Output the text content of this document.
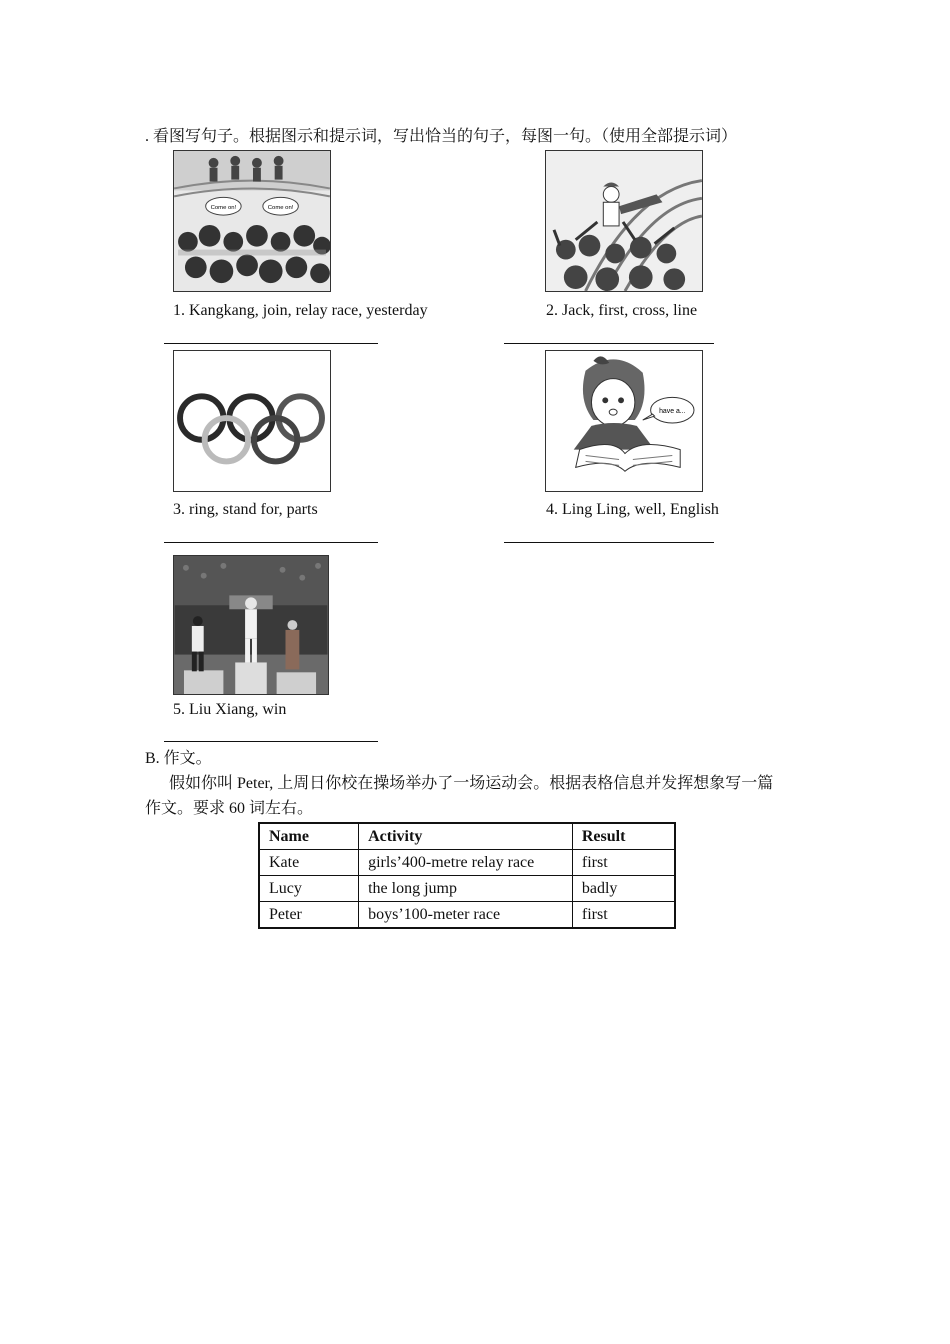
. 看图写句子。根据图示和提示词，写出恰当的句子，每图一句。（使用全部提示词）
Come on!	Come on!
1. Kangkang, join, relay race, yesterday	2. Jack, first, cross, line
have a...
3. ring, stand for, parts	4. Ling Ling, well, English
5. Liu Xiang, win
B. 作文。
假如你叫 Peter, 上周日你校在操场举办了一场运动会。根据表格信息并发挥想象写一篇
作文。要求 60 词左右。
Name	Activity	Result
Kate	girls’400-metre relay race	first
Lucy	the long jump	badly
Peter	boys’100-meter race	first
